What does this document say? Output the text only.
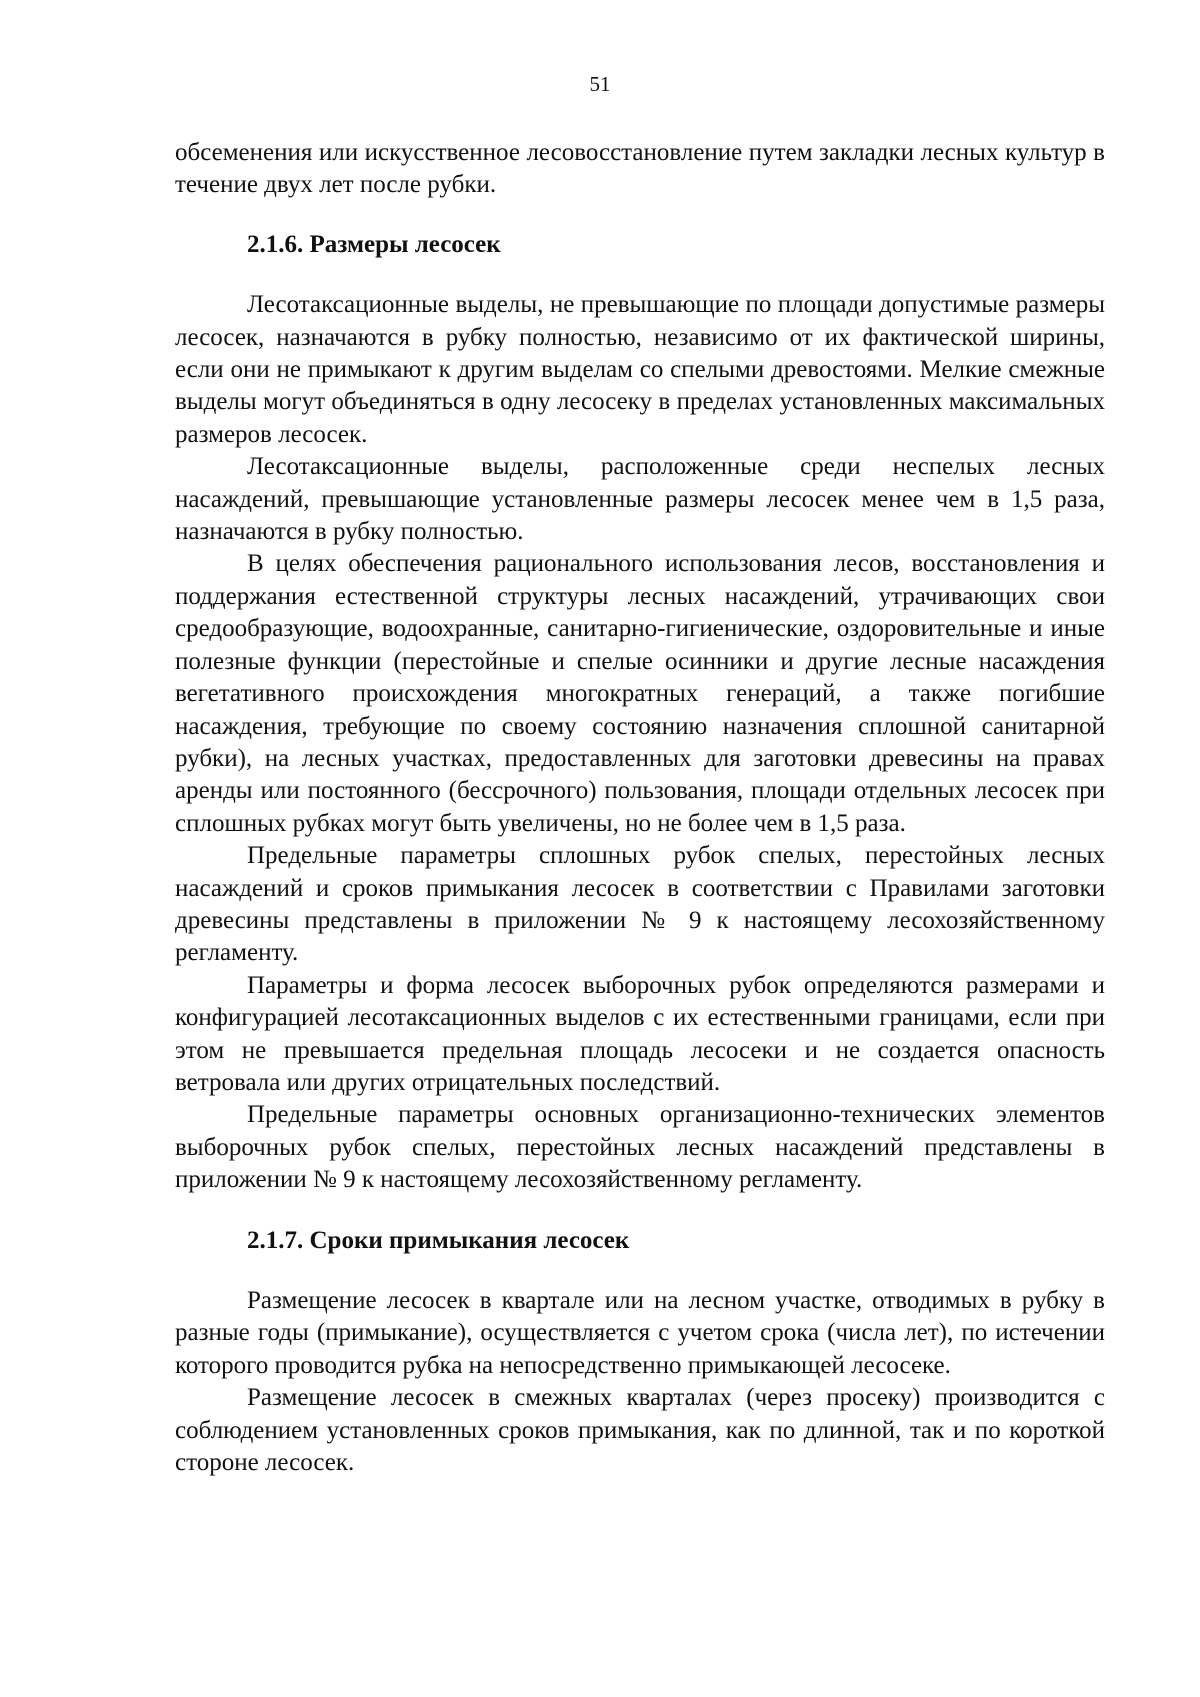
51

обсеменения или искусственное лесовосстановление путем закладки лесных культур в течение двух лет после рубки.

2.1.6. Размеры лесосек

Лесотаксационные выделы, не превышающие по площади допустимые размеры лесосек, назначаются в рубку полностью, независимо от их фактической ширины, если они не примыкают к другим выделам со спелыми древостоями. Мелкие смежные выделы могут объединяться в одну лесосеку в пределах установленных максимальных размеров лесосек.

Лесотаксационные выделы, расположенные среди неспелых лесных насаждений, превышающие установленные размеры лесосек менее чем в 1,5 раза, назначаются в рубку полностью.

В целях обеспечения рационального использования лесов, восстановления и поддержания естественной структуры лесных насаждений, утрачивающих свои средообразующие, водоохранные, санитарно-гигиенические, оздоровительные и иные полезные функции (перестойные и спелые осинники и другие лесные насаждения вегетативного происхождения многократных генераций, а также погибшие насаждения, требующие по своему состоянию назначения сплошной санитарной рубки), на лесных участках, предоставленных для заготовки древесины на правах аренды или постоянного (бессрочного) пользования, площади отдельных лесосек при сплошных рубках могут быть увеличены, но не более чем в 1,5 раза.

Предельные параметры сплошных рубок спелых, перестойных лесных насаждений и сроков примыкания лесосек в соответствии с Правилами заготовки древесины представлены в приложении № 9 к настоящему лесохозяйственному регламенту.

Параметры и форма лесосек выборочных рубок определяются размерами и конфигурацией лесотаксационных выделов с их естественными границами, если при этом не превышается предельная площадь лесосеки и не создается опасность ветровала или других отрицательных последствий.

Предельные параметры основных организационно-технических элементов выборочных рубок спелых, перестойных лесных насаждений представлены в приложении № 9 к настоящему лесохозяйственному регламенту.

2.1.7. Сроки примыкания лесосек

Размещение лесосек в квартале или на лесном участке, отводимых в рубку в разные годы (примыкание), осуществляется с учетом срока (числа лет), по истечении которого проводится рубка на непосредственно примыкающей лесосеке.

Размещение лесосек в смежных кварталах (через просеку) производится с соблюдением установленных сроков примыкания, как по длинной, так и по короткой стороне лесосек.
